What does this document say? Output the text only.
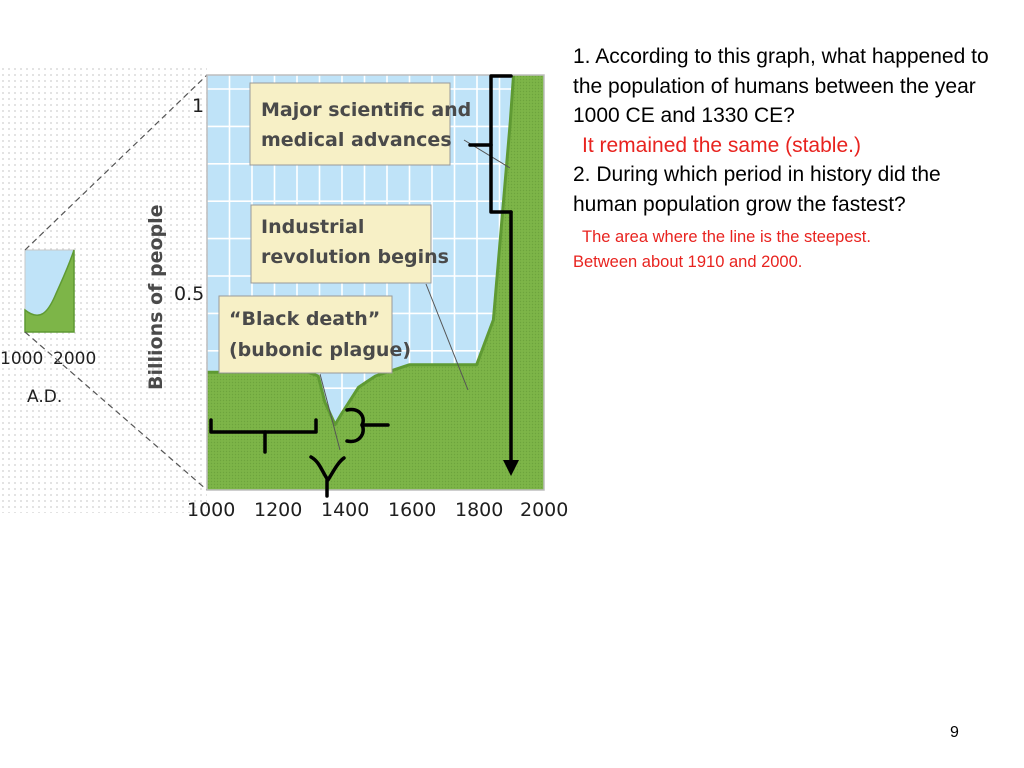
1000 2000
A.D.
1
0.5
Billions of people
1000 1200 1400 1600 1800 2000
Major scientific and
medical advances
Industrial
revolution begins
“Black death”
(bubonic plague)

1. According to this graph, what happened to the population of humans between the year 1000 CE and 1330 CE?

It remained the same (stable.)

2. During which period in history did the human population grow the fastest?

The area where the line is the steepest.
Between about 1910 and 2000.

9
